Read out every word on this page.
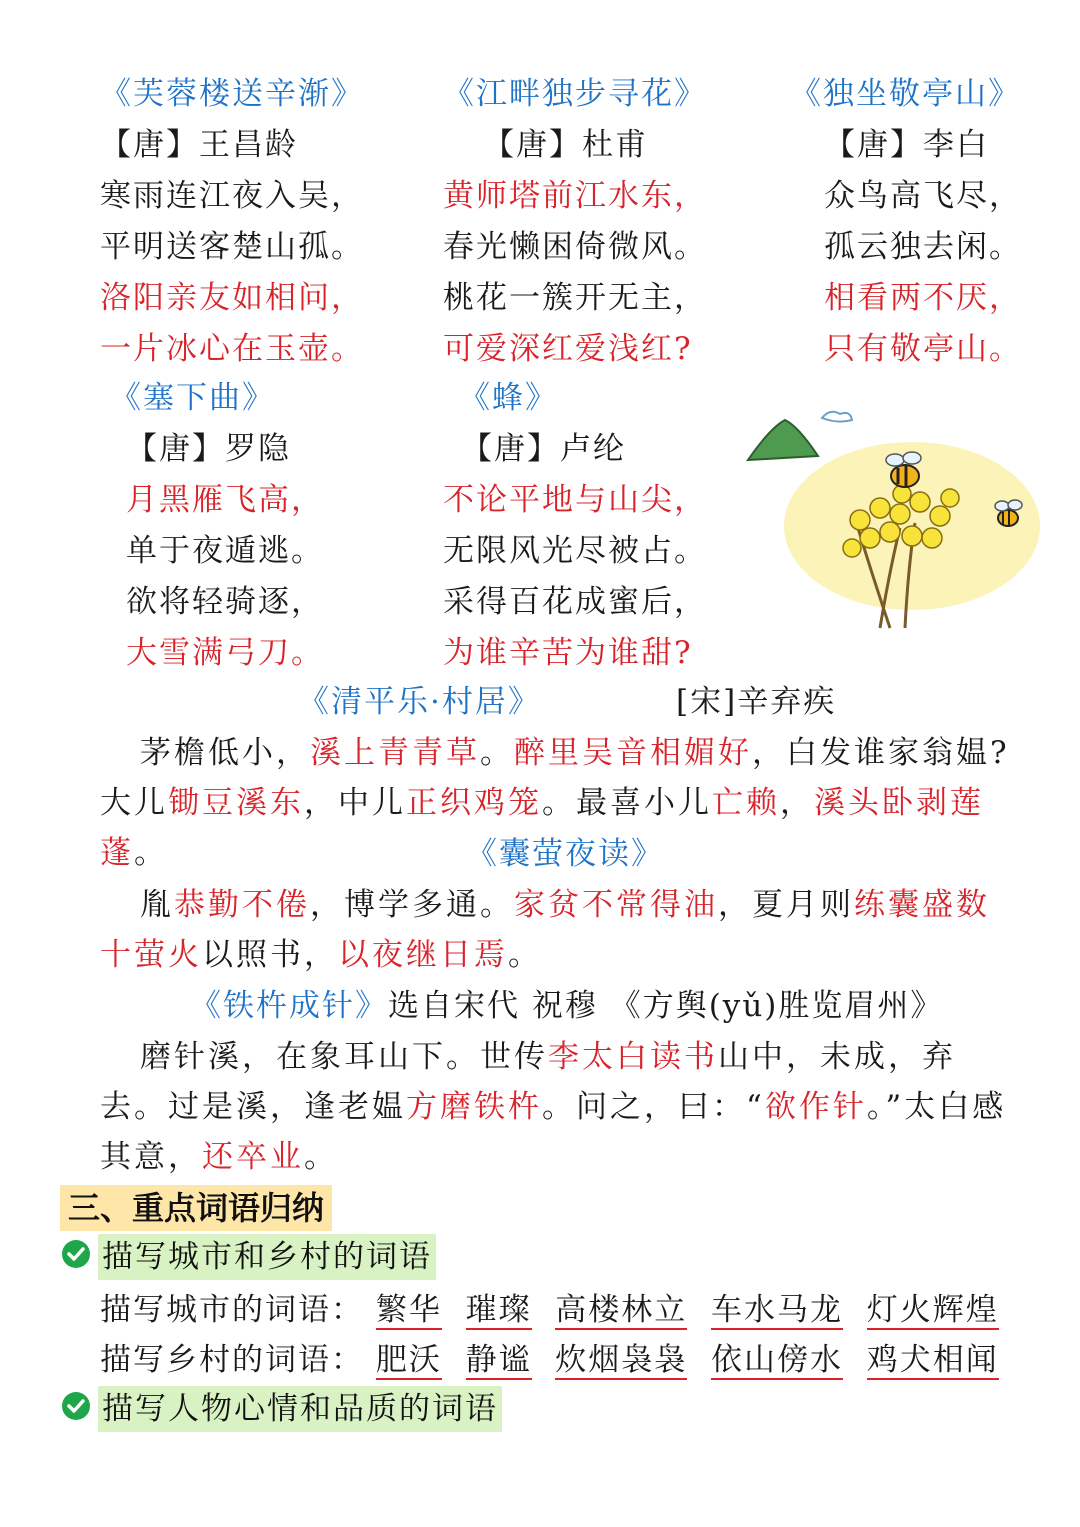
《芙蓉楼送辛渐》
【唐】王昌龄
寒雨连江夜入吴，
平明送客楚山孤。
洛阳亲友如相问，
一片冰心在玉壶。
《江畔独步寻花》
【唐】杜甫
黄师塔前江水东，
春光懒困倚微风。
桃花一簇开无主，
可爱深红爱浅红?
《独坐敬亭山》
【唐】李白
众鸟高飞尽，
孤云独去闲。
相看两不厌，
只有敬亭山。
《塞下曲》
【唐】罗隐
月黑雁飞高，
单于夜遁逃。
欲将轻骑逐，
大雪满弓刀。
《蜂》
【唐】卢纶
不论平地与山尖，
无限风光尽被占。
采得百花成蜜后，
为谁辛苦为谁甜?
《清平乐·村居》	[宋]辛弃疾
茅檐低小，溪上青青草。醉里吴音相媚好，白发谁家翁媪?大儿锄豆溪东，中儿正织鸡笼。最喜小儿亡赖，溪头卧剥莲蓬。	《囊萤夜读》
胤恭勤不倦，博学多通。家贫不常得油，夏月则练囊盛数十萤火以照书，以夜继日焉。
《铁杵成针》选自宋代 祝穆 《方舆(yǔ)胜览眉州》
磨针溪，在象耳山下。世传李太白读书山中，未成，弃去。过是溪，逢老媪方磨铁杵。问之，曰：“欲作针。”太白感其意，还卒业。
三、重点词语归纳
描写城市和乡村的词语
描写城市的词语： 繁华 璀璨 高楼林立 车水马龙 灯火辉煌
描写乡村的词语： 肥沃 静谧 炊烟袅袅 依山傍水 鸡犬相闻
描写人物心情和品质的词语
